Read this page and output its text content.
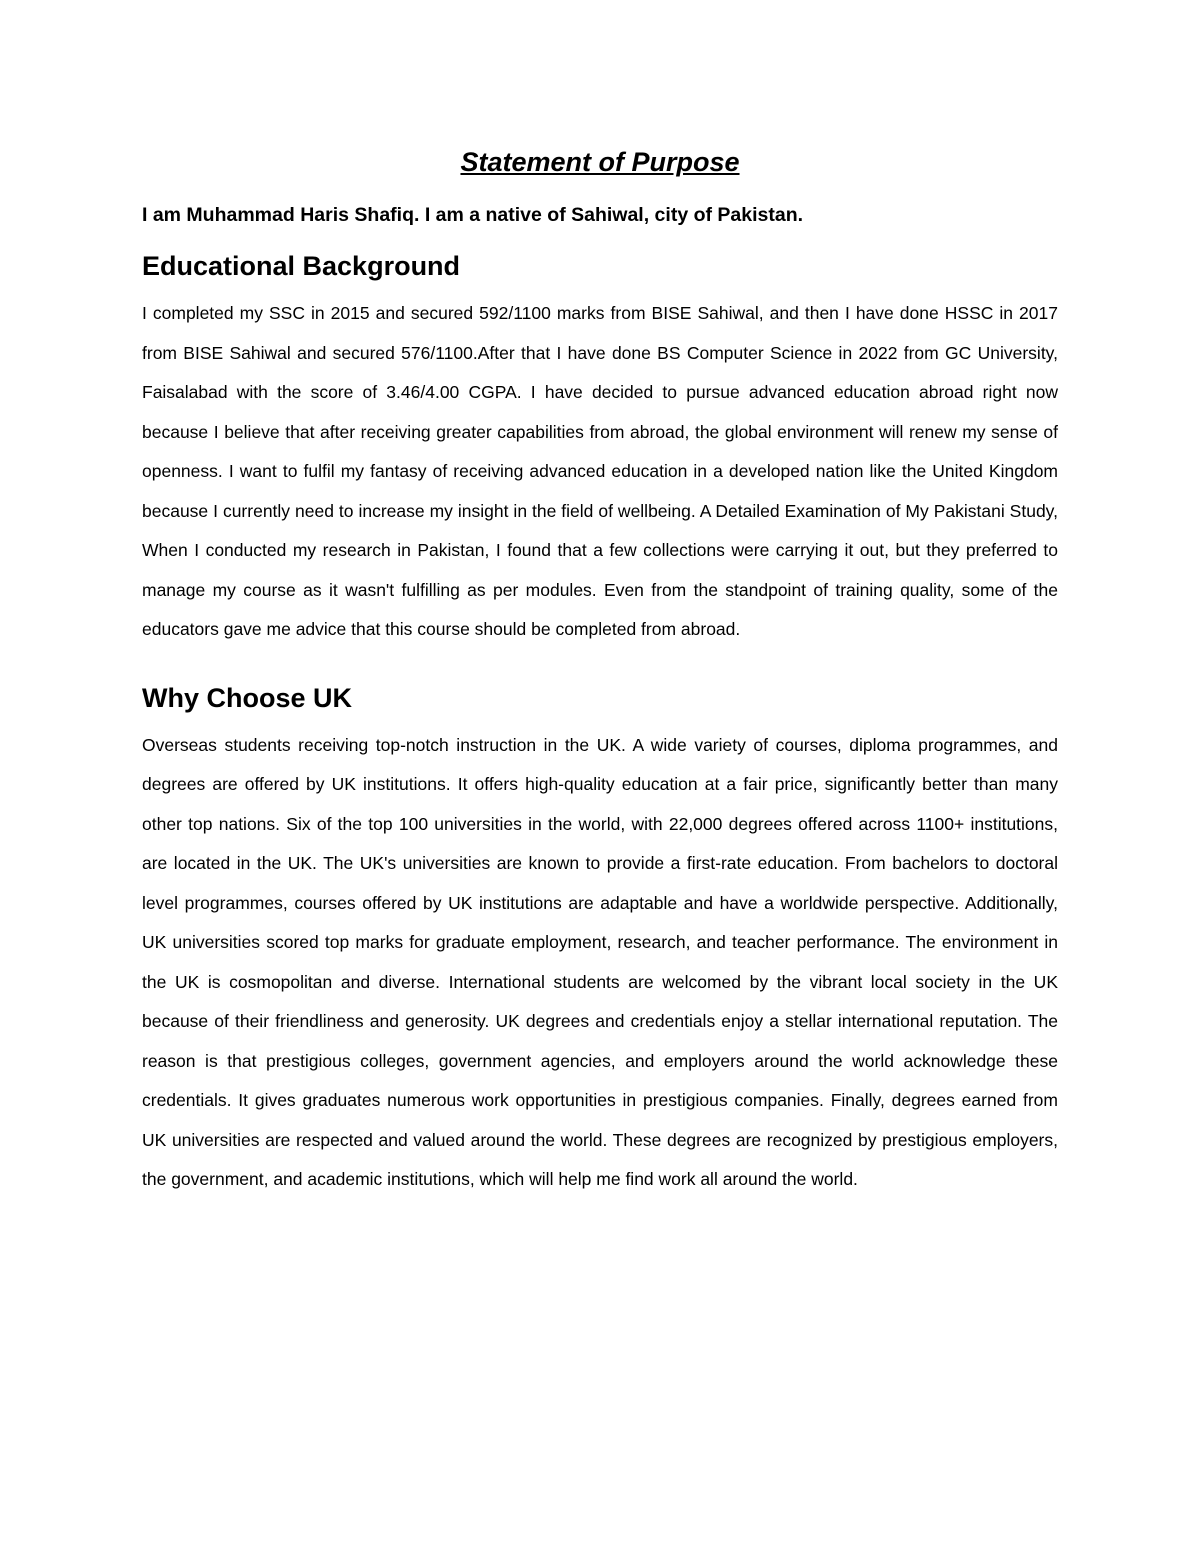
Statement of Purpose

I am Muhammad Haris Shafiq. I am a native of Sahiwal, city of Pakistan.

Educational Background

I completed my SSC in 2015 and secured 592/1100 marks from BISE Sahiwal, and then I have done HSSC in 2017 from BISE Sahiwal and secured 576/1100.After that I have done BS Computer Science in 2022 from GC University, Faisalabad with the score of 3.46/4.00 CGPA. I have decided to pursue advanced education abroad right now because I believe that after receiving greater capabilities from abroad, the global environment will renew my sense of openness. I want to fulfil my fantasy of receiving advanced education in a developed nation like the United Kingdom because I currently need to increase my insight in the field of wellbeing. A Detailed Examination of My Pakistani Study, When I conducted my research in Pakistan, I found that a few collections were carrying it out, but they preferred to manage my course as it wasn't fulfilling as per modules. Even from the standpoint of training quality, some of the educators gave me advice that this course should be completed from abroad.

Why Choose UK

Overseas students receiving top-notch instruction in the UK. A wide variety of courses, diploma programmes, and degrees are offered by UK institutions. It offers high-quality education at a fair price, significantly better than many other top nations. Six of the top 100 universities in the world, with 22,000 degrees offered across 1100+ institutions, are located in the UK. The UK's universities are known to provide a first-rate education. From bachelors to doctoral level programmes, courses offered by UK institutions are adaptable and have a worldwide perspective. Additionally, UK universities scored top marks for graduate employment, research, and teacher performance. The environment in the UK is cosmopolitan and diverse. International students are welcomed by the vibrant local society in the UK because of their friendliness and generosity. UK degrees and credentials enjoy a stellar international reputation. The reason is that prestigious colleges, government agencies, and employers around the world acknowledge these credentials. It gives graduates numerous work opportunities in prestigious companies. Finally, degrees earned from UK universities are respected and valued around the world. These degrees are recognized by prestigious employers, the government, and academic institutions, which will help me find work all around the world.
